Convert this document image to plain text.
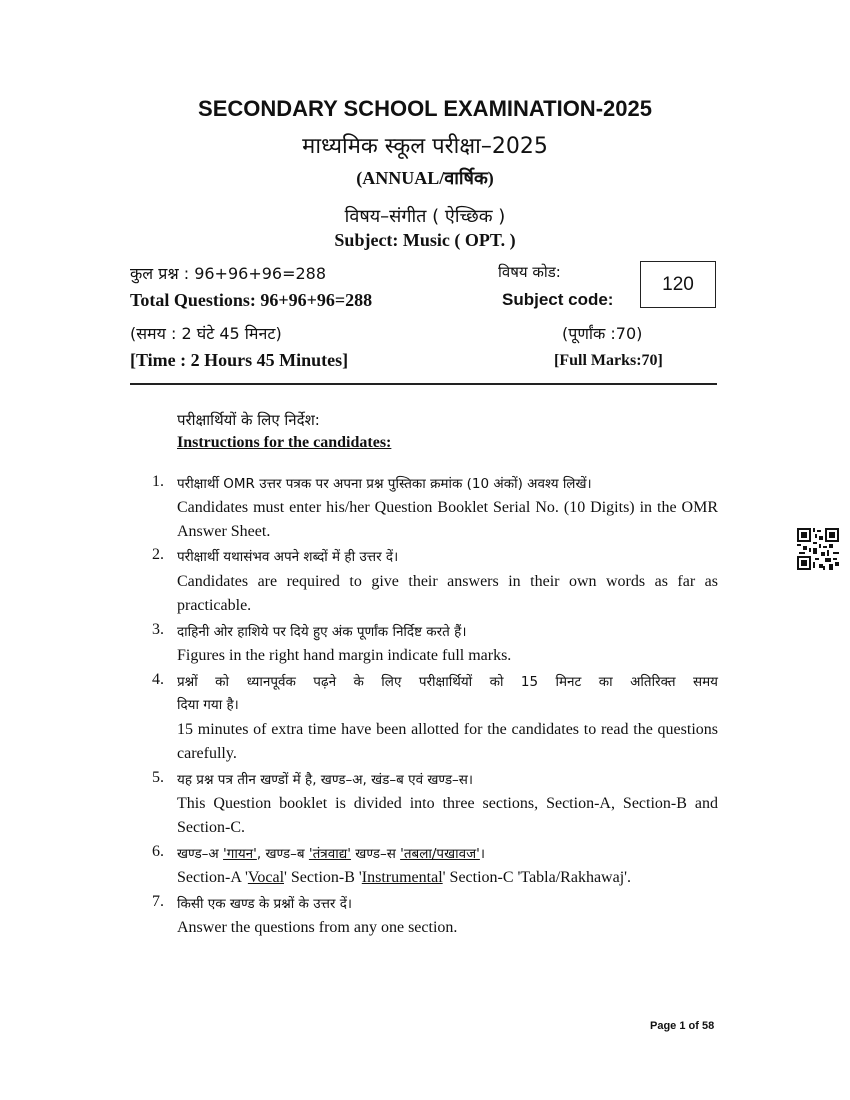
SECONDARY SCHOOL EXAMINATION-2025
माध्यमिक स्कूल परीक्षा–2025
(ANNUAL/वार्षिक)
विषय–संगीत ( ऐच्छिक )
Subject: Music ( OPT. )
कुल प्रश्न : 96+96+96=288
Total Questions: 96+96+96=288
(समय : 2 घंटे 45 मिनट)
[Time : 2 Hours 45 Minutes]
विषय कोड:
Subject code:
120
(पूर्णांक :70)
[Full Marks:70]
परीक्षार्थियों के लिए निर्देश:
Instructions for the candidates:
1. परीक्षार्थी OMR उत्तर पत्रक पर अपना प्रश्न पुस्तिका क्रमांक (10 अंकों) अवश्य लिखें।
Candidates must enter his/her Question Booklet Serial No. (10 Digits) in the OMR Answer Sheet.
2. परीक्षार्थी यथासंभव अपने शब्दों में ही उत्तर दें।
Candidates are required to give their answers in their own words as far as practicable.
3. दाहिनी ओर हाशिये पर दिये हुए अंक पूर्णांक निर्दिष्ट करते हैं।
Figures in the right hand margin indicate full marks.
4. प्रश्नों को ध्यानपूर्वक पढ़ने के लिए परीक्षार्थियों को 15 मिनट का अतिरिक्त समय
दिया गया है।
15 minutes of extra time have been allotted for the candidates to read the questions carefully.
5. यह प्रश्न पत्र तीन खण्डों में है, खण्ड–अ, खंड–ब एवं खण्ड–स।
This Question booklet is divided into three sections, Section-A, Section-B and Section-C.
6. खण्ड–अ 'गायन', खण्ड–ब 'तंत्रवाद्य' खण्ड–स 'तबला/पखावज'।
Section-A 'Vocal' Section-B 'Instrumental' Section-C 'Tabla/Rakhawaj'.
7. किसी एक खण्ड के प्रश्नों के उत्तर दें।
Answer the questions from any one section.
Page 1 of 58
